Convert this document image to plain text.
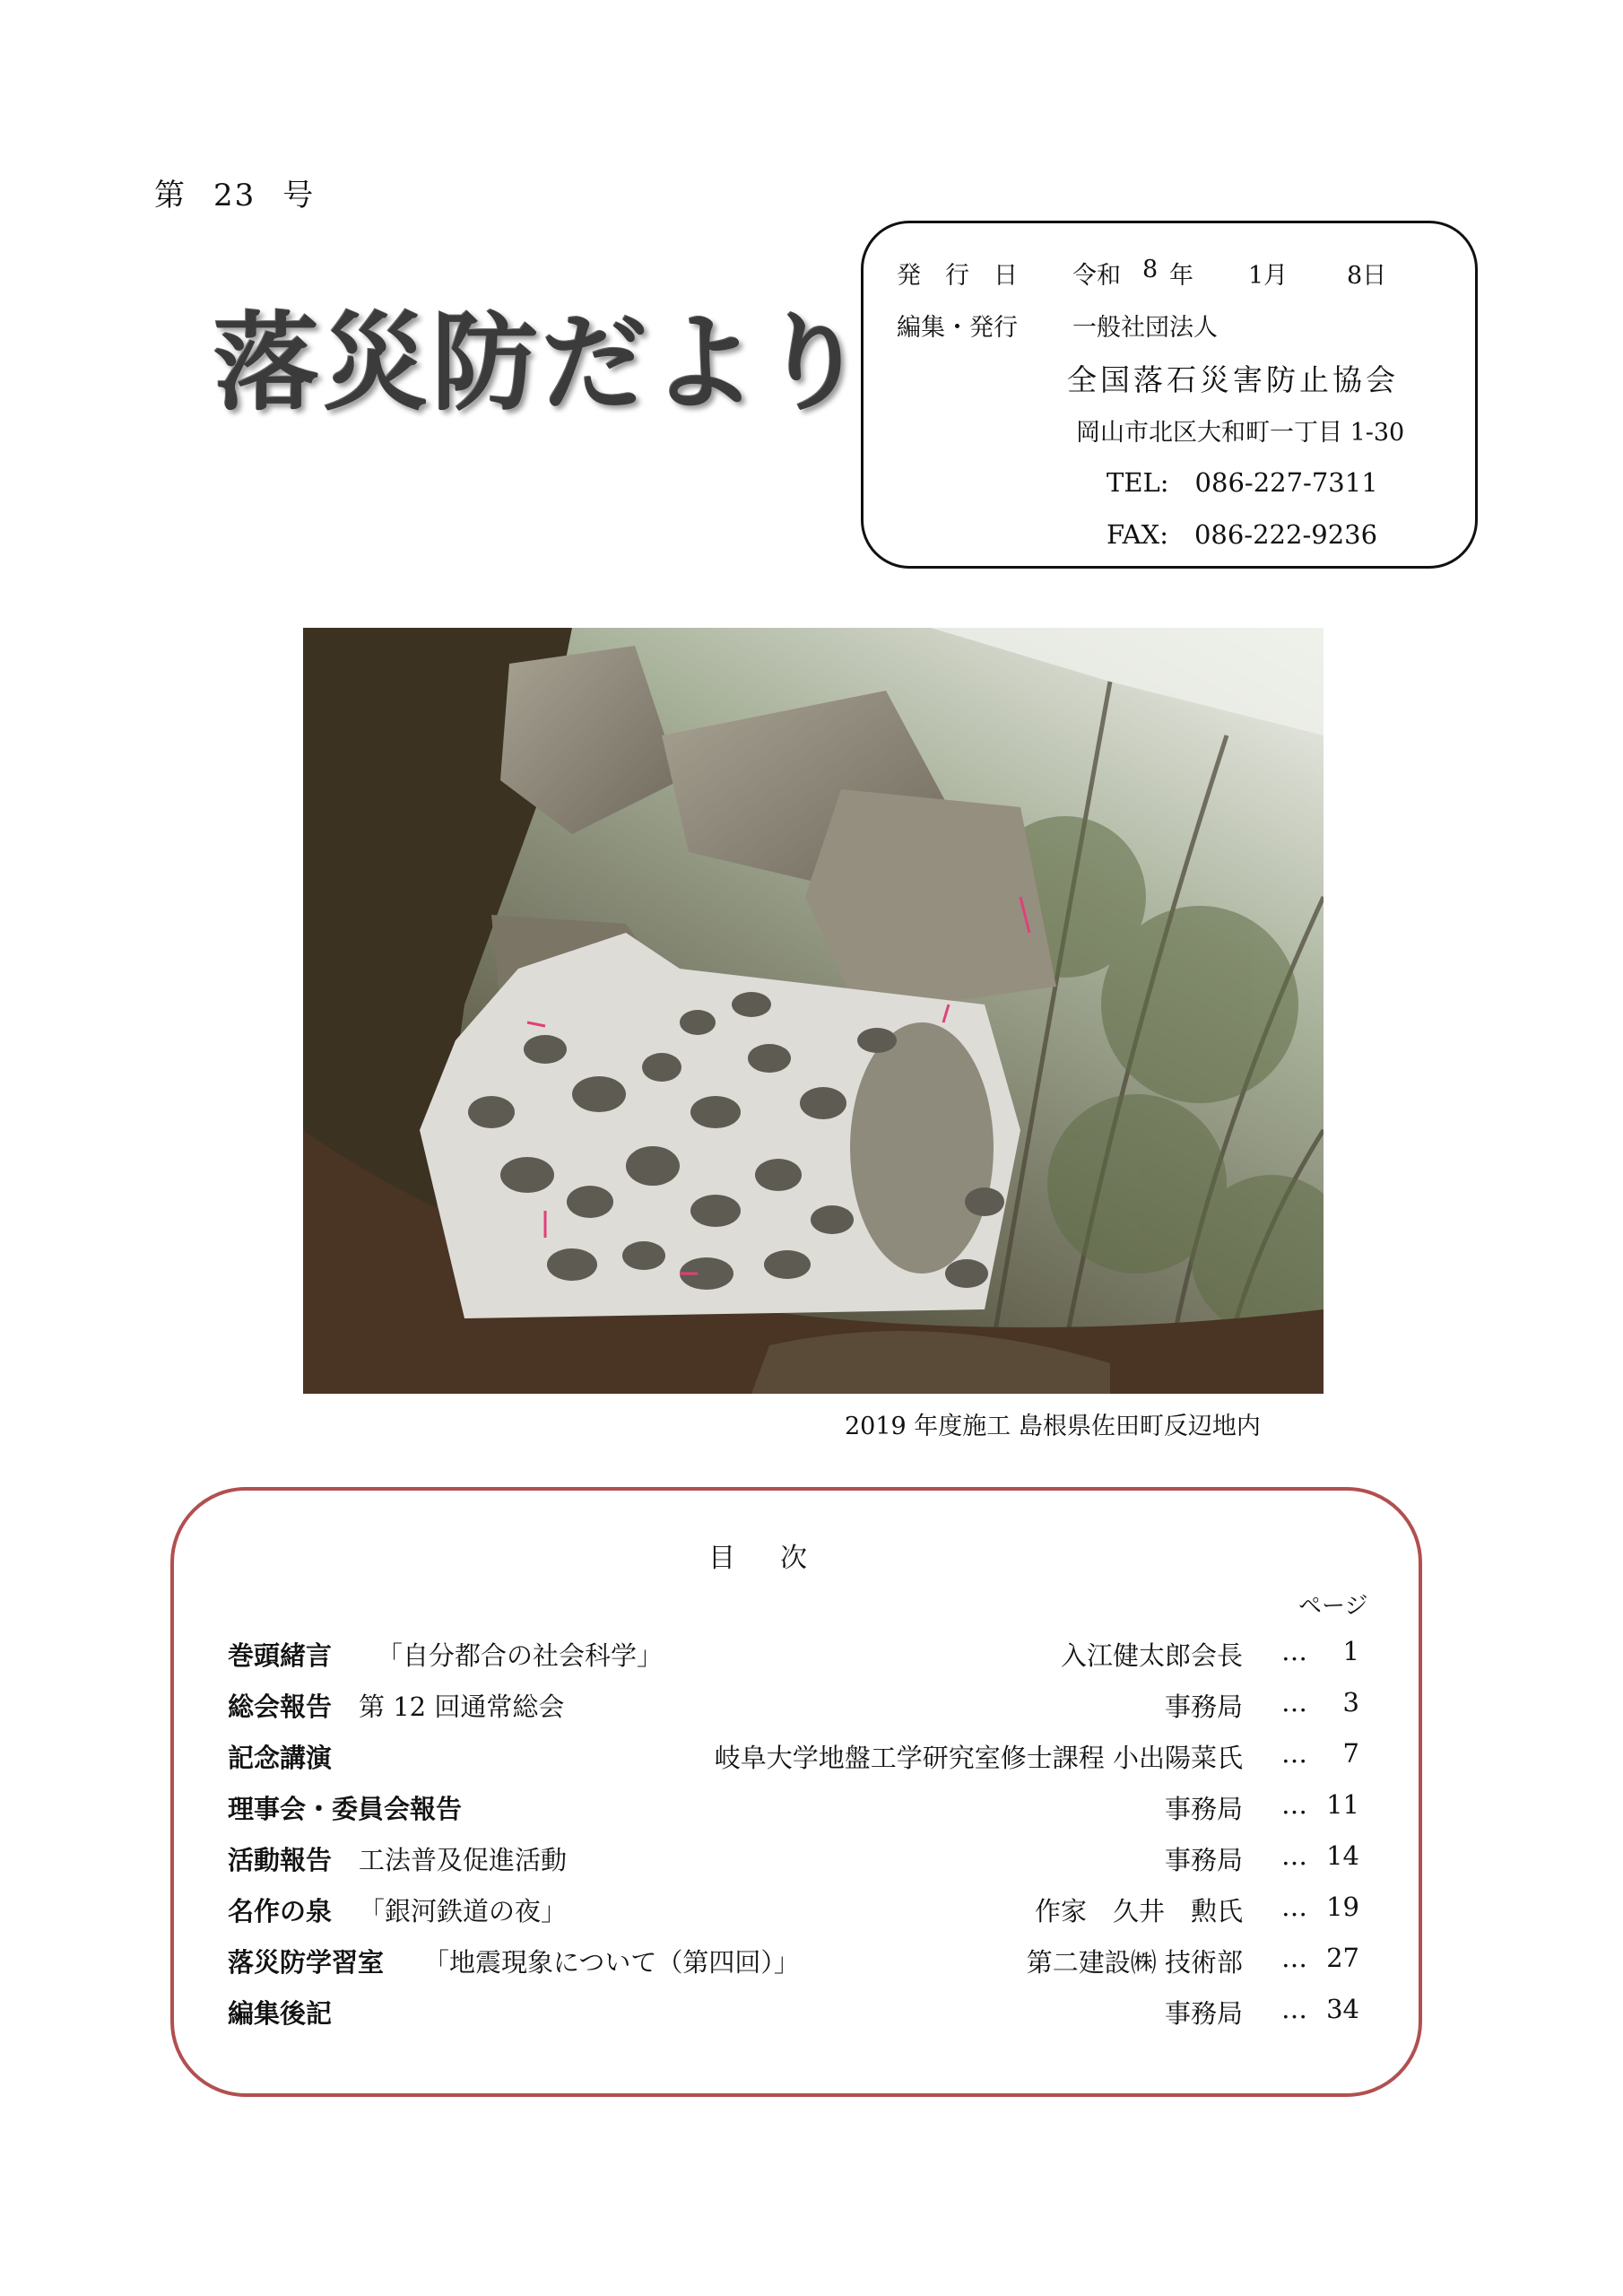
第 23 号
落災防だより
発　行　日 令和 8 年 1月 8日
編集・発行 一般社団法人
全国落石災害防止協会
岡山市北区大和町一丁目 1-30
TEL:　086-227-7311
FAX:　086-222-9236
2019 年度施工 島根県佐田町反辺地内
目次
ページ
巻頭緒言 「自分都合の社会科学」	入江健太郎会長 … 1
総会報告 第 12 回通常総会	事務局 … 3
記念講演	岐阜大学地盤工学研究室修士課程 小出陽菜氏 … 7
理事会・委員会報告	事務局 … 11
活動報告 工法普及促進活動	事務局 … 14
名作の泉 「銀河鉄道の夜」	作家　久井　勲氏 … 19
落災防学習室 「地震現象について（第四回）」	第二建設㈱ 技術部 … 27
編集後記	事務局 … 34
